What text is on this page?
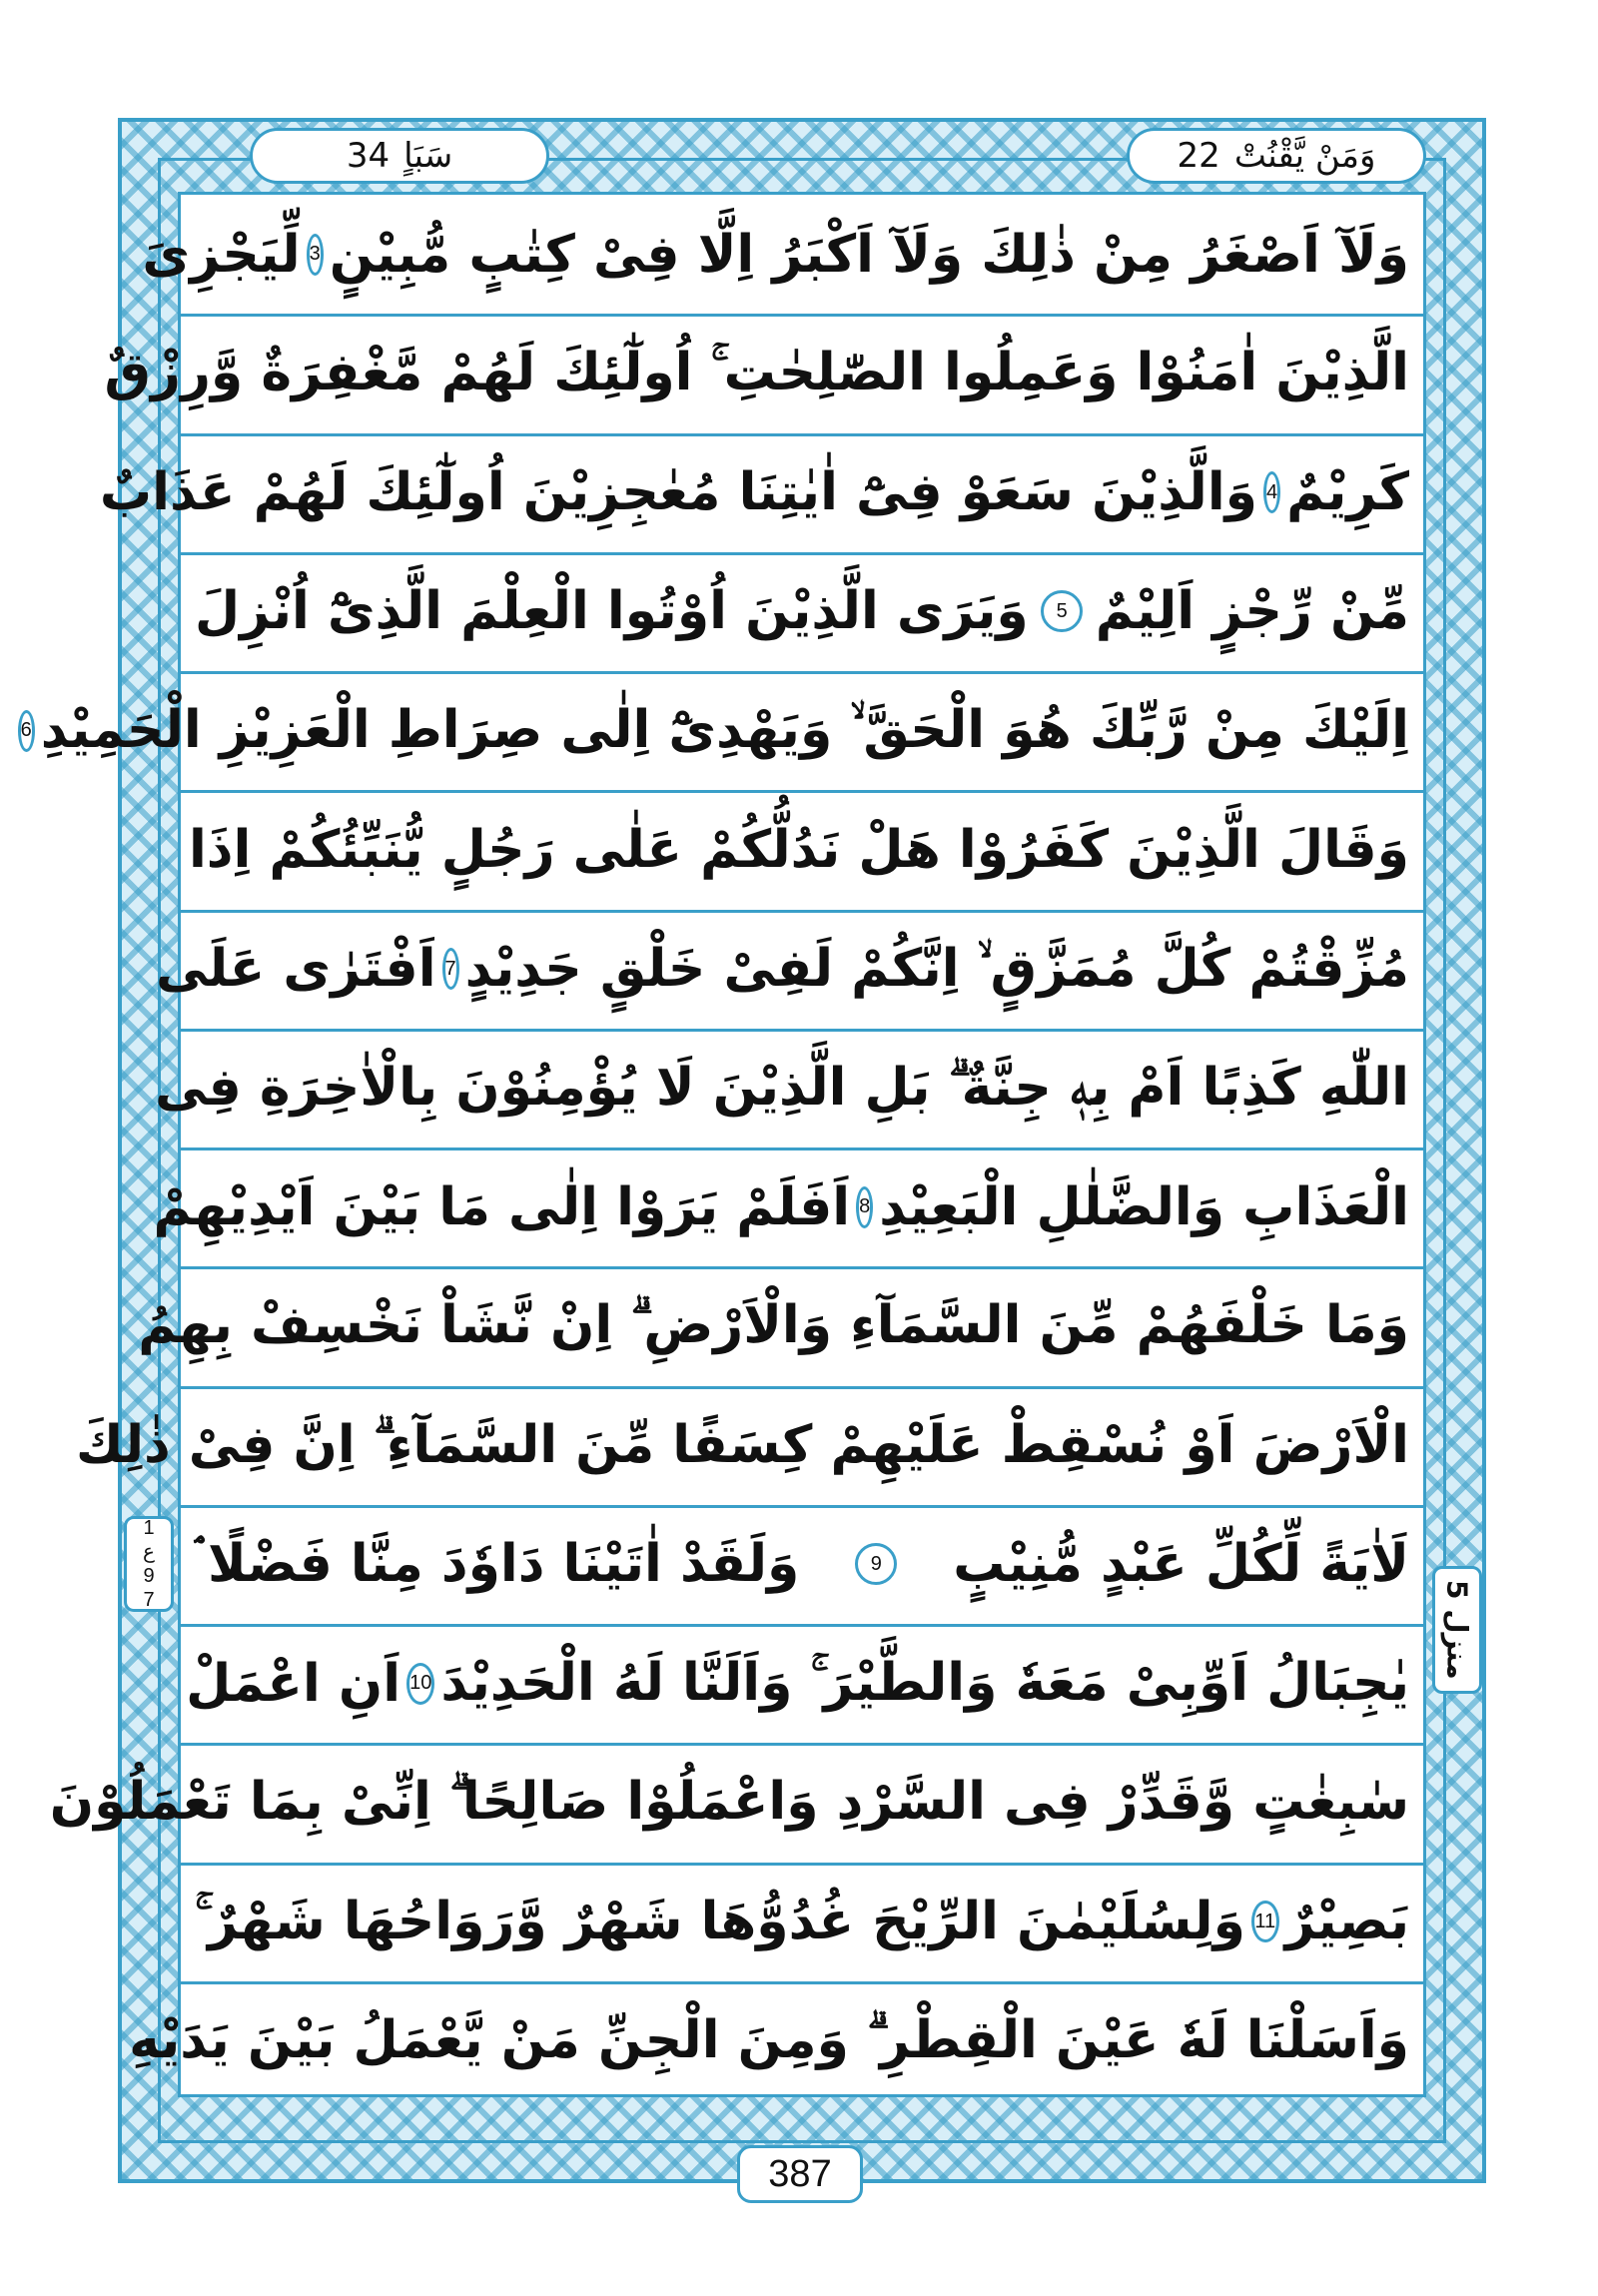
وَمَنْ يَّقْنُتْ
22
سَبَاٍ
34
وَلَآ اَصْغَرُ مِنْ ذٰلِكَ وَلَآ اَكْبَرُ اِلَّا فِىْ كِتٰبٍ مُّبِيْنٍ
3
لِّيَجْزِىَ
الَّذِيْنَ اٰمَنُوْا وَعَمِلُوا الصّٰلِحٰتِ ۚ اُولٰٓئِكَ لَهُمْ مَّغْفِرَةٌ وَّرِزْقٌ
كَرِيْمٌ
4
وَالَّذِيْنَ سَعَوْ فِىْٓ اٰيٰتِنَا مُعٰجِزِيْنَ اُولٰٓئِكَ لَهُمْ عَذَابٌ
مِّنْ رِّجْزٍ اَلِيْمٌ
5
وَيَرَى الَّذِيْنَ اُوْتُوا الْعِلْمَ الَّذِىْٓ اُنْزِلَ
اِلَيْكَ مِنْ رَّبِّكَ هُوَ الْحَقَّ ۙ وَيَهْدِىْٓ اِلٰى صِرَاطِ الْعَزِيْزِ الْحَمِيْدِ
6
وَقَالَ الَّذِيْنَ كَفَرُوْا هَلْ نَدُلُّكُمْ عَلٰى رَجُلٍ يُّنَبِّئُكُمْ اِذَا
مُزِّقْتُمْ كُلَّ مُمَزَّقٍ ۙ اِنَّكُمْ لَفِىْ خَلْقٍ جَدِيْدٍ
7
اَفْتَرٰى عَلَى
اللّٰهِ كَذِبًا اَمْ بِهٖ جِنَّةٌ ۗ بَلِ الَّذِيْنَ لَا يُؤْمِنُوْنَ بِالْاٰخِرَةِ فِى
الْعَذَابِ وَالضَّلٰلِ الْبَعِيْدِ
8
اَفَلَمْ يَرَوْا اِلٰى مَا بَيْنَ اَيْدِيْهِمْ
وَمَا خَلْفَهُمْ مِّنَ السَّمَآءِ وَالْاَرْضِ ۗ اِنْ نَّشَاْ نَخْسِفْ بِهِمُ
الْاَرْضَ اَوْ نُسْقِطْ عَلَيْهِمْ كِسَفًا مِّنَ السَّمَآءِ ۗ اِنَّ فِىْ ذٰلِكَ
لَاٰيَةً لِّكُلِّ عَبْدٍ مُّنِيْبٍ
9
وَلَقَدْ اٰتَيْنَا دَاوٗدَ مِنَّا فَضْلًا ۘ
يٰجِبَالُ اَوِّبِىْ مَعَهٗ وَالطَّيْرَ ۚ وَاَلَنَّا لَهُ الْحَدِيْدَ
10
اَنِ اعْمَلْ
سٰبِغٰتٍ وَّقَدِّرْ فِى السَّرْدِ وَاعْمَلُوْا صَالِحًا ۗ اِنِّىْ بِمَا تَعْمَلُوْنَ
بَصِيْرٌ
11
وَلِسُلَيْمٰنَ الرِّيْحَ غُدُوُّهَا شَهْرٌ وَّرَوَاحُهَا شَهْرٌ ۚ
وَاَسَلْنَا لَهٗ عَيْنَ الْقِطْرِ ۗ وَمِنَ الْجِنِّ مَنْ يَّعْمَلُ بَيْنَ يَدَيْهِ
1
ع
9
7	منزل 5
387
